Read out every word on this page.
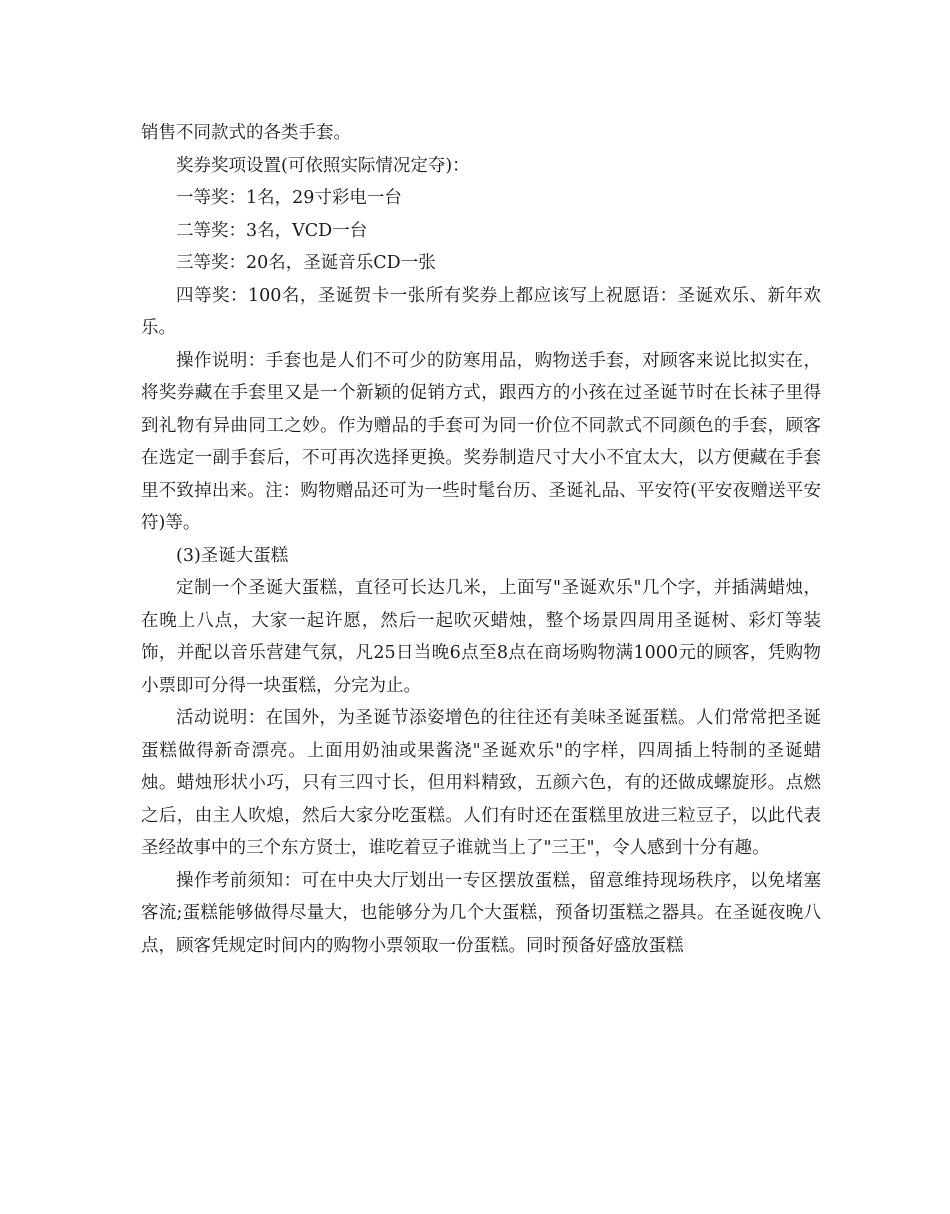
销售不同款式的各类手套。

奖券奖项设置(可依照实际情况定夺)：

一等奖：1名，29寸彩电一台

二等奖：3名，VCD一台

三等奖：20名，圣诞音乐CD一张

四等奖：100名，圣诞贺卡一张所有奖券上都应该写上祝愿语：圣诞欢乐、新年欢乐。

操作说明：手套也是人们不可少的防寒用品，购物送手套，对顾客来说比拟实在，将奖券藏在手套里又是一个新颖的促销方式，跟西方的小孩在过圣诞节时在长袜子里得到礼物有异曲同工之妙。作为赠品的手套可为同一价位不同款式不同颜色的手套，顾客在选定一副手套后，不可再次选择更换。奖券制造尺寸大小不宜太大，以方便藏在手套里不致掉出来。注：购物赠品还可为一些时髦台历、圣诞礼品、平安符(平安夜赠送平安符)等。

(3)圣诞大蛋糕

定制一个圣诞大蛋糕，直径可长达几米，上面写"圣诞欢乐"几个字，并插满蜡烛，在晚上八点，大家一起许愿，然后一起吹灭蜡烛，整个场景四周用圣诞树、彩灯等装饰，并配以音乐营建气氛，凡25日当晚6点至8点在商场购物满1000元的顾客，凭购物小票即可分得一块蛋糕，分完为止。

活动说明：在国外，为圣诞节添姿增色的往往还有美味圣诞蛋糕。人们常常把圣诞蛋糕做得新奇漂亮。上面用奶油或果酱浇"圣诞欢乐"的字样，四周插上特制的圣诞蜡烛。蜡烛形状小巧，只有三四寸长，但用料精致，五颜六色，有的还做成螺旋形。点燃之后，由主人吹熄，然后大家分吃蛋糕。人们有时还在蛋糕里放进三粒豆子，以此代表圣经故事中的三个东方贤士，谁吃着豆子谁就当上了"三王"，令人感到十分有趣。

操作考前须知：可在中央大厅划出一专区摆放蛋糕，留意维持现场秩序，以免堵塞客流;蛋糕能够做得尽量大，也能够分为几个大蛋糕，预备切蛋糕之器具。在圣诞夜晚八点，顾客凭规定时间内的购物小票领取一份蛋糕。同时预备好盛放蛋糕
